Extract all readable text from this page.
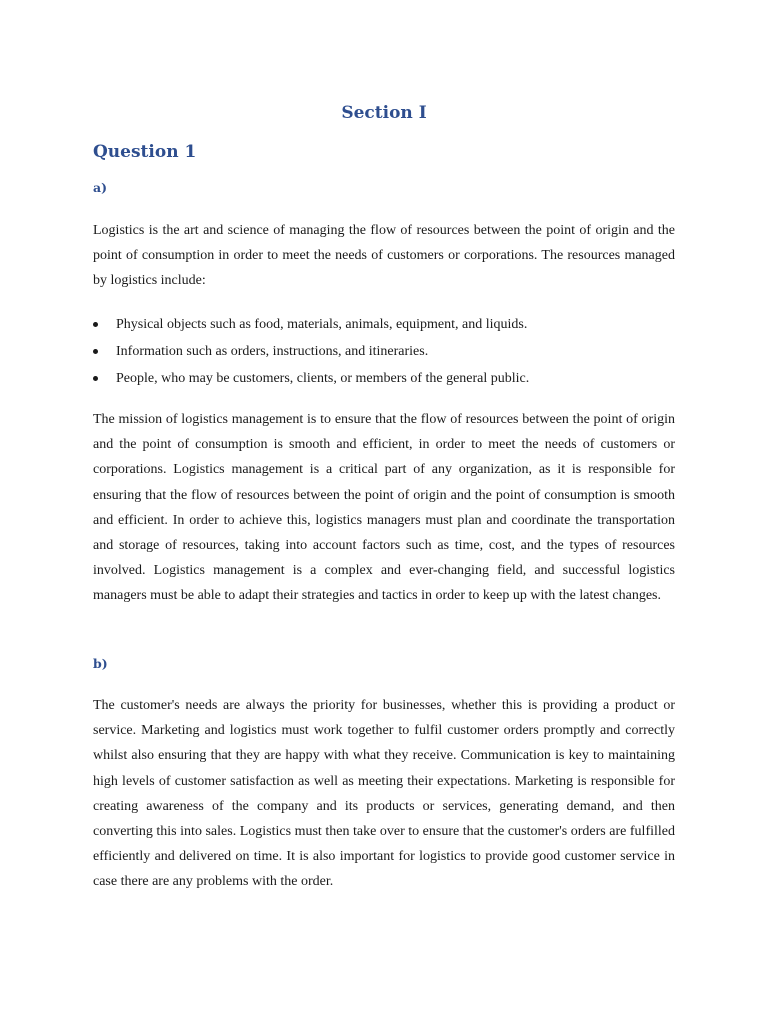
Section I
Question 1
a)

Logistics is the art and science of managing the flow of resources between the point of origin and the point of consumption in order to meet the needs of customers or corporations. The resources managed by logistics include:

Physical objects such as food, materials, animals, equipment, and liquids.
Information such as orders, instructions, and itineraries.
People, who may be customers, clients, or members of the general public.

The mission of logistics management is to ensure that the flow of resources between the point of origin and the point of consumption is smooth and efficient, in order to meet the needs of customers or corporations. Logistics management is a critical part of any organization, as it is responsible for ensuring that the flow of resources between the point of origin and the point of consumption is smooth and efficient. In order to achieve this, logistics managers must plan and coordinate the transportation and storage of resources, taking into account factors such as time, cost, and the types of resources involved. Logistics management is a complex and ever-changing field, and successful logistics managers must be able to adapt their strategies and tactics in order to keep up with the latest changes.

b)

The customer's needs are always the priority for businesses, whether this is providing a product or service. Marketing and logistics must work together to fulfil customer orders promptly and correctly whilst also ensuring that they are happy with what they receive. Communication is key to maintaining high levels of customer satisfaction as well as meeting their expectations. Marketing is responsible for creating awareness of the company and its products or services, generating demand, and then converting this into sales. Logistics must then take over to ensure that the customer's orders are fulfilled efficiently and delivered on time. It is also important for logistics to provide good customer service in case there are any problems with the order.
